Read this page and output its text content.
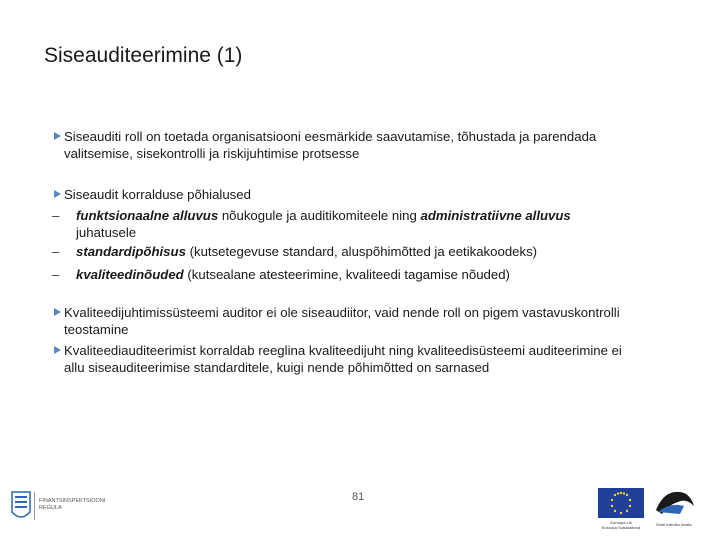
Siseauditeerimine (1)
Siseauditi roll on toetada organisatsiooni eesmärkide saavutamise, tõhustada ja parendada
valitsemise, sisekontrolli ja riskijuhtimise protsesse
Siseaudit korralduse põhialused
– funktsionaalne alluvus nõukogule ja auditikomiteele ning administratiivne alluvus
juhatusele
– standardipõhisus (kutsetegevuse standard, aluspõhimõtted ja eetikakoodeks)
– kvaliteedinõuded (kutsealane atesteerimine, kvaliteedi tagamise nõuded)
Kvaliteedijuhtimissüsteemi auditor ei ole siseaudiitor, vaid nende roll on pigem vastavuskontrolli
teostamine
Kvaliteediauditeerimist korraldab reeglina kvaliteedijuht ning kvaliteedisüsteemi auditeerimine ei
allu siseauditeerimise standarditele, kuigi nende põhimõtted on sarnased
FINANTSINSPEKTSIOONI
REGULA
81
Euroopa Liit
Euroopa Sotsiaalfond
Eesti tuleviku heaks
